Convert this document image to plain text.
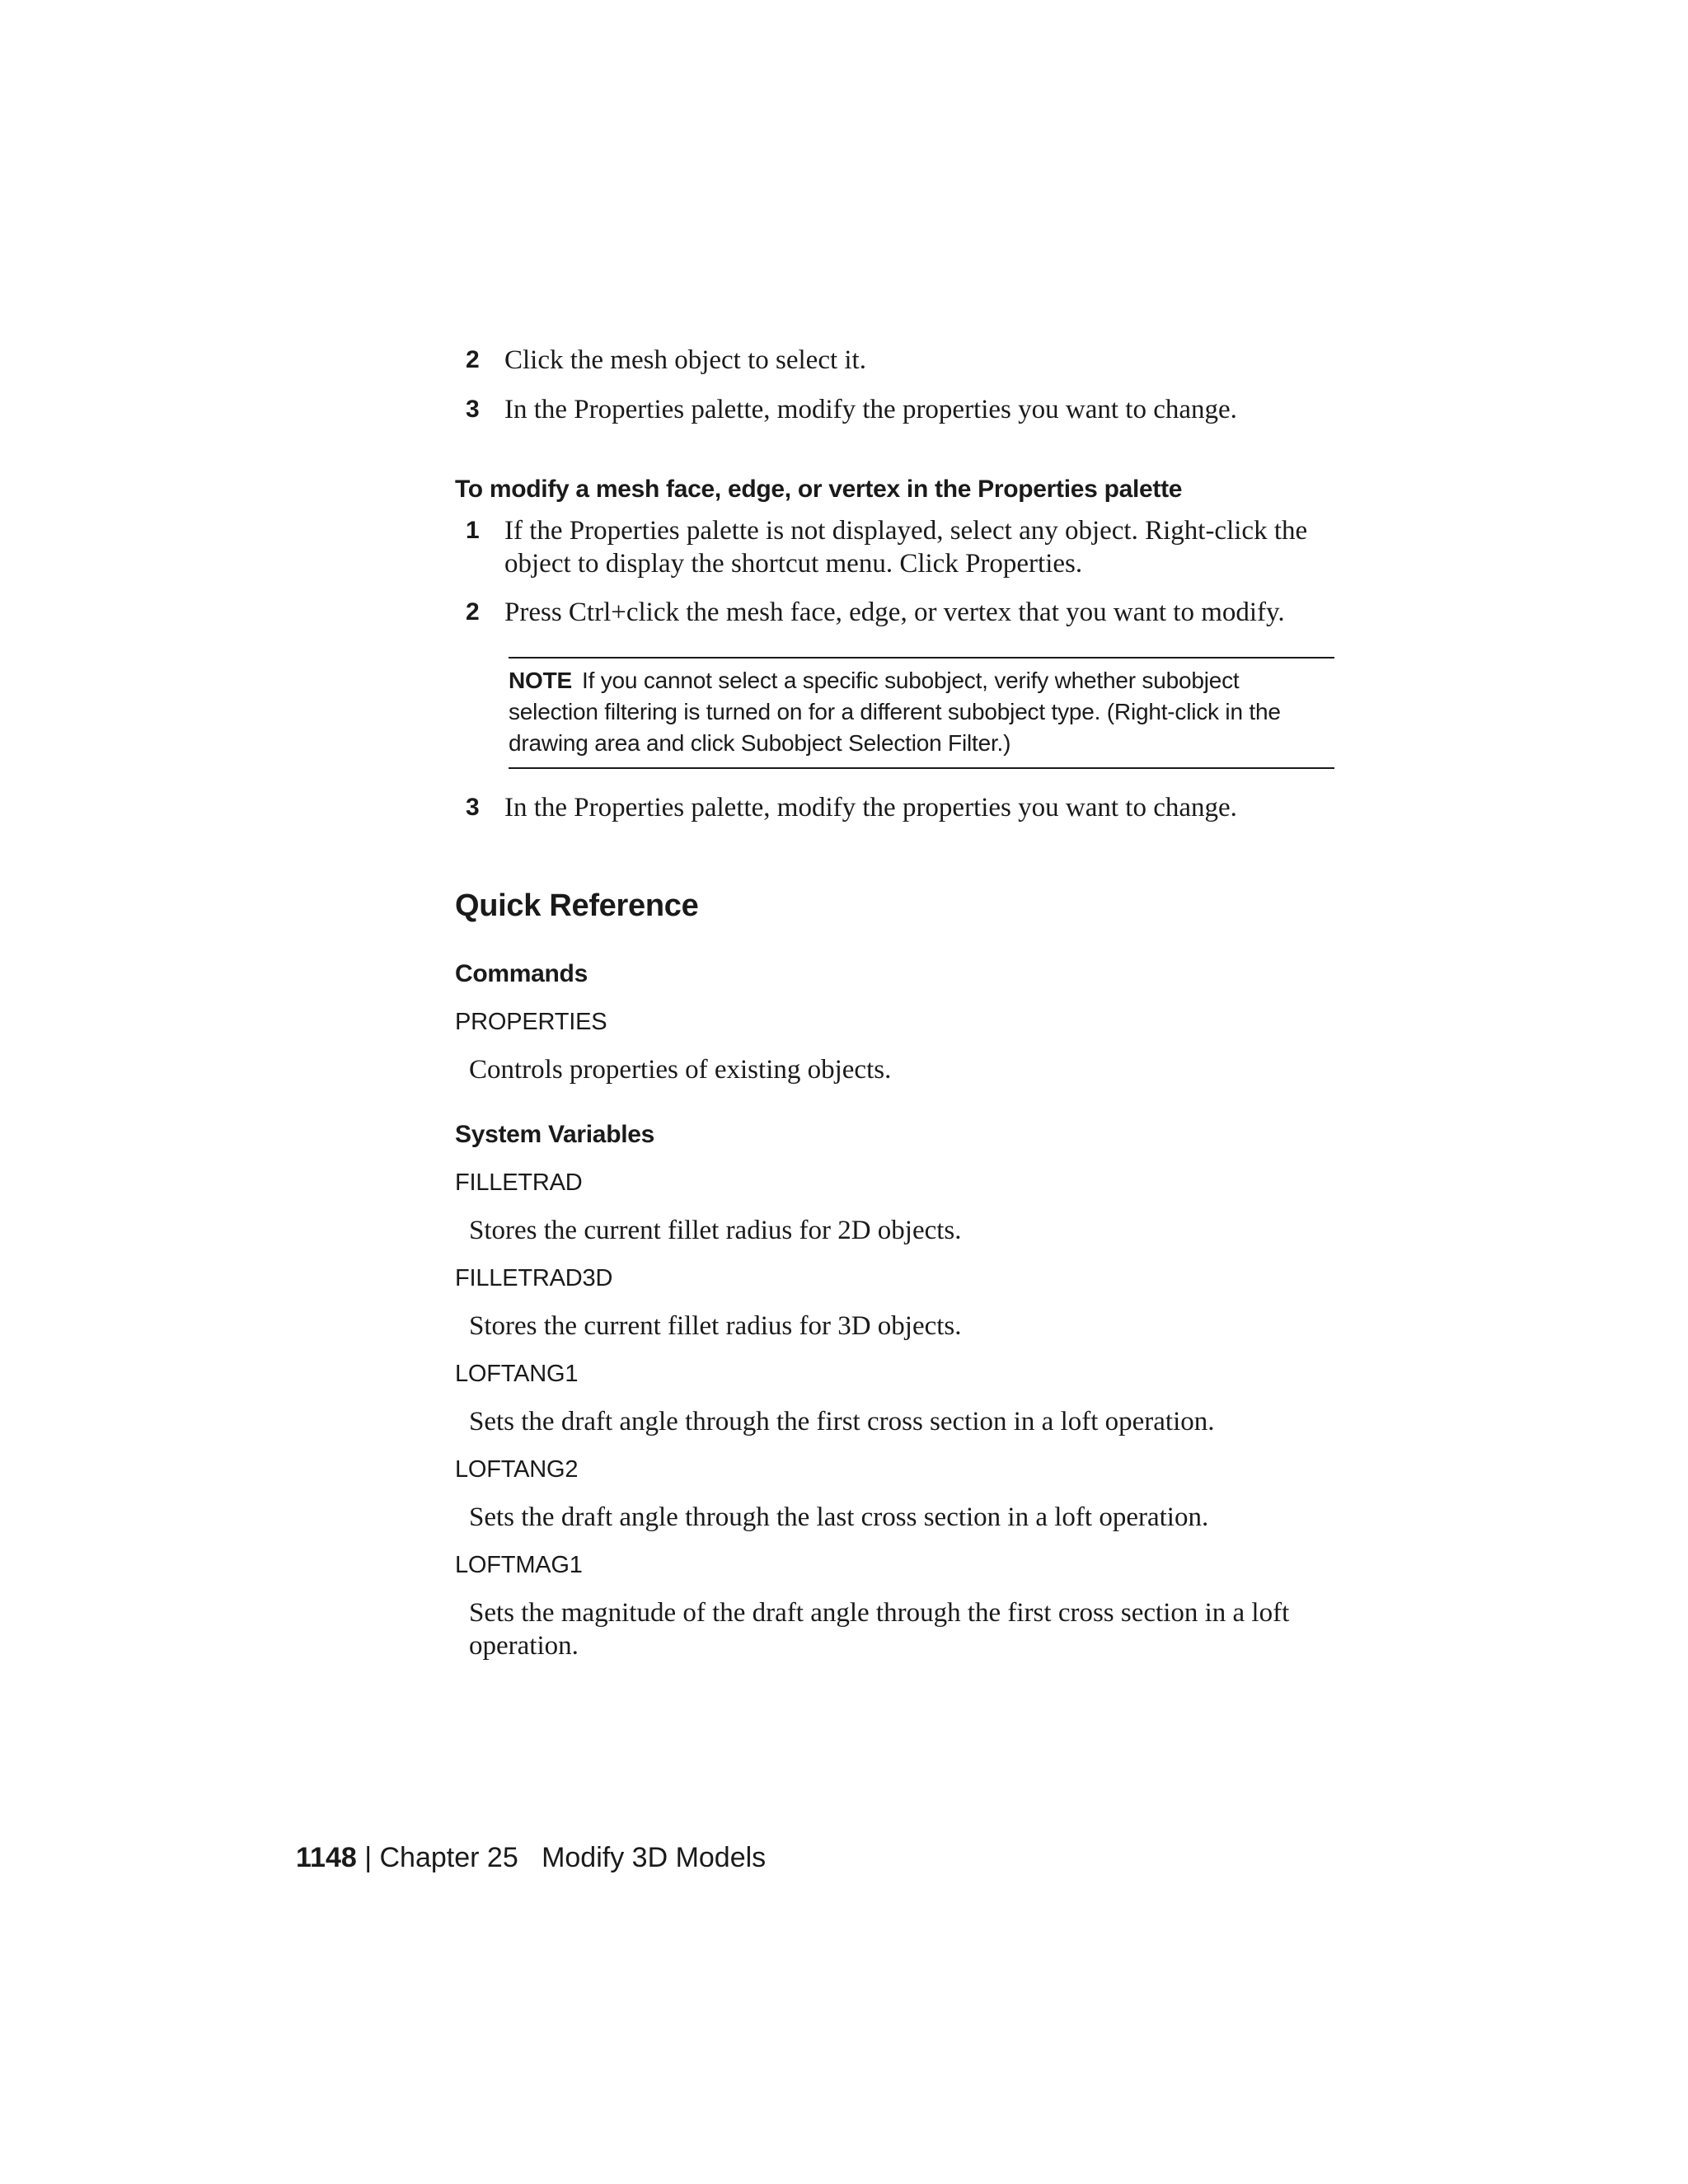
2 Click the mesh object to select it.
3 In the Properties palette, modify the properties you want to change.
To modify a mesh face, edge, or vertex in the Properties palette
1 If the Properties palette is not displayed, select any object. Right-click the object to display the shortcut menu. Click Properties.
2 Press Ctrl+click the mesh face, edge, or vertex that you want to modify.
NOTE If you cannot select a specific subobject, verify whether subobject selection filtering is turned on for a different subobject type. (Right-click in the drawing area and click Subobject Selection Filter.)
3 In the Properties palette, modify the properties you want to change.
Quick Reference
Commands
PROPERTIES
Controls properties of existing objects.
System Variables
FILLETRAD
Stores the current fillet radius for 2D objects.
FILLETRAD3D
Stores the current fillet radius for 3D objects.
LOFTANG1
Sets the draft angle through the first cross section in a loft operation.
LOFTANG2
Sets the draft angle through the last cross section in a loft operation.
LOFTMAG1
Sets the magnitude of the draft angle through the first cross section in a loft operation.
1148 | Chapter 25 Modify 3D Models
